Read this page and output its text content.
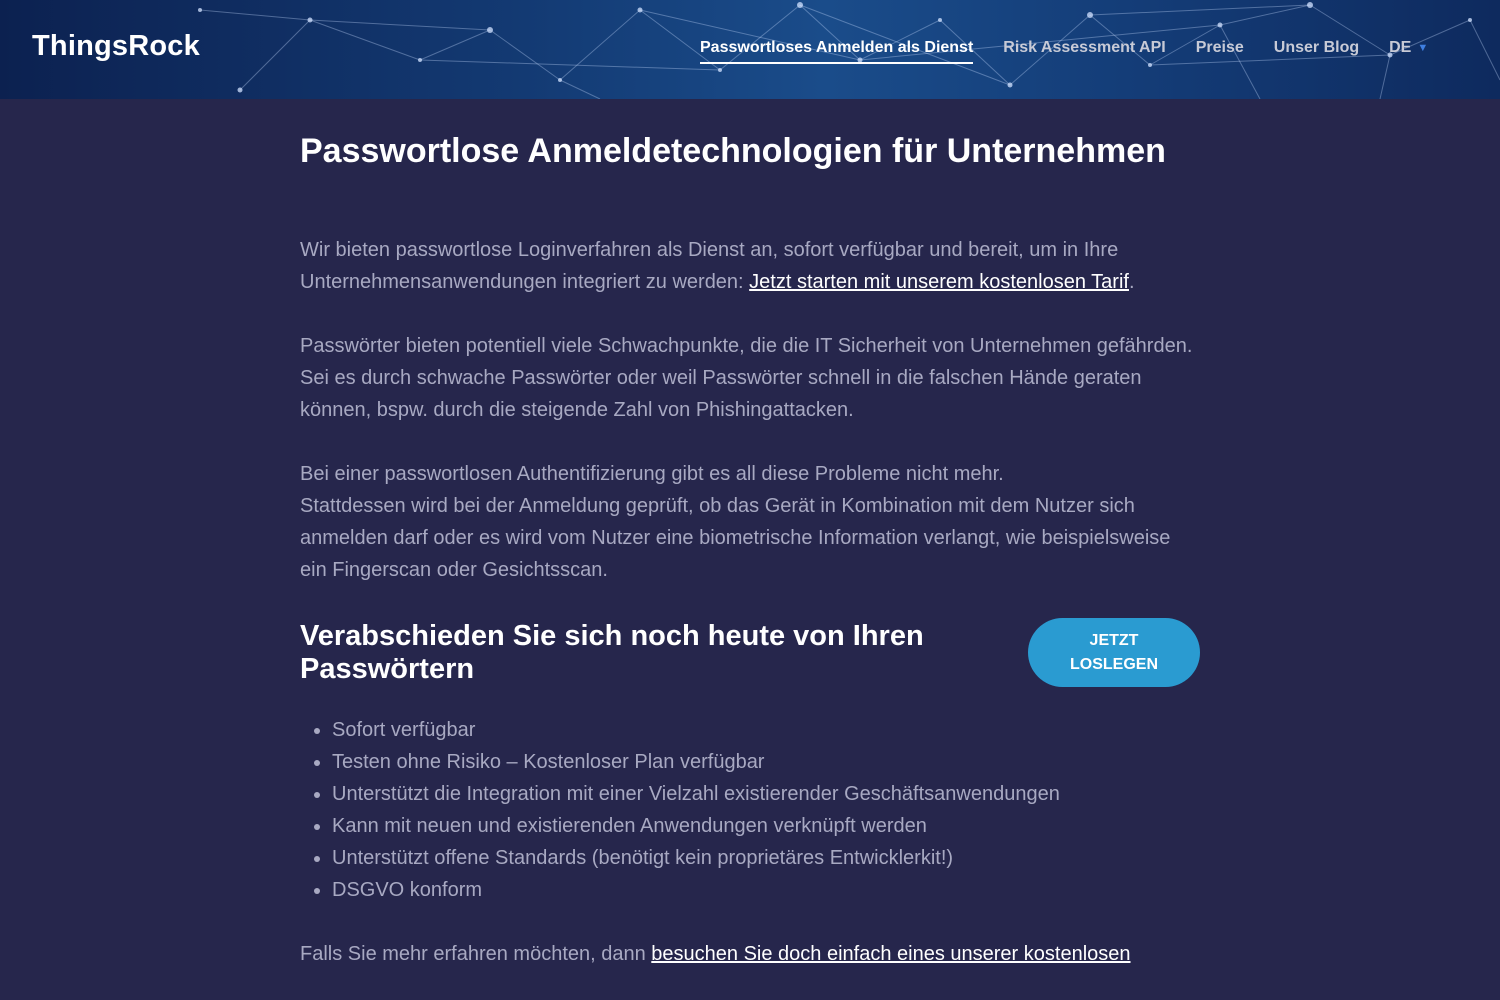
ThingsRock	Passwortloses Anmelden als Dienst Risk Assessment API Preise Unser Blog DE ▼
Passwortlose Anmeldetechnologien für Unternehmen

Wir bieten passwortlose Loginverfahren als Dienst an, sofort verfügbar und bereit, um in Ihre Unternehmensanwendungen integriert zu werden: Jetzt starten mit unserem kostenlosen Tarif.

Passwörter bieten potentiell viele Schwachpunkte, die die IT Sicherheit von Unternehmen gefährden. Sei es durch schwache Passwörter oder weil Passwörter schnell in die falschen Hände geraten können, bspw. durch die steigende Zahl von Phishingattacken.

Bei einer passwortlosen Authentifizierung gibt es all diese Probleme nicht mehr.
Stattdessen wird bei der Anmeldung geprüft, ob das Gerät in Kombination mit dem Nutzer sich anmelden darf oder es wird vom Nutzer eine biometrische Information verlangt, wie beispielsweise ein Fingerscan oder Gesichtsscan.

Verabschieden Sie sich noch heute von Ihren Passwörtern
JETZT LOSLEGEN
• Sofort verfügbar
• Testen ohne Risiko – Kostenloser Plan verfügbar
• Unterstützt die Integration mit einer Vielzahl existierender Geschäftsanwendungen
• Kann mit neuen und existierenden Anwendungen verknüpft werden
• Unterstützt offene Standards (benötigt kein proprietäres Entwicklerkit!)
• DSGVO konform

Falls Sie mehr erfahren möchten, dann besuchen Sie doch einfach eines unserer kostenlosen
